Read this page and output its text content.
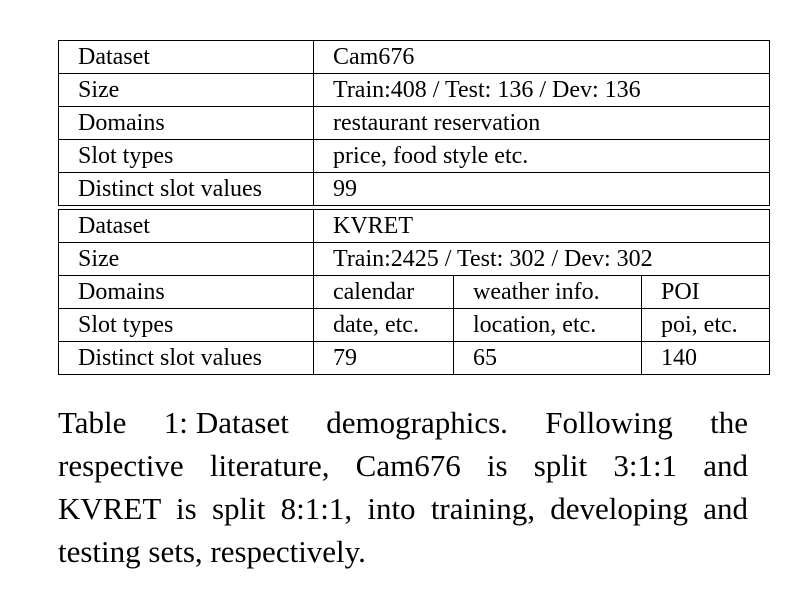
Dataset	Cam676
Size	Train:408 / Test: 136 / Dev: 136
Domains	restaurant reservation
Slot types	price, food style etc.
Distinct slot values	99
Dataset	KVRET		
Size	Train:2425 / Test: 302 / Dev: 302		
Domains	calendar	weather info.	POI
Slot types	date, etc.	location, etc.	poi, etc.
Distinct slot values	79	65	140

Table 1: Dataset demographics. Following the respective literature, Cam676 is split 3:1:1 and KVRET is split 8:1:1, into training, developing and testing sets, respectively.
